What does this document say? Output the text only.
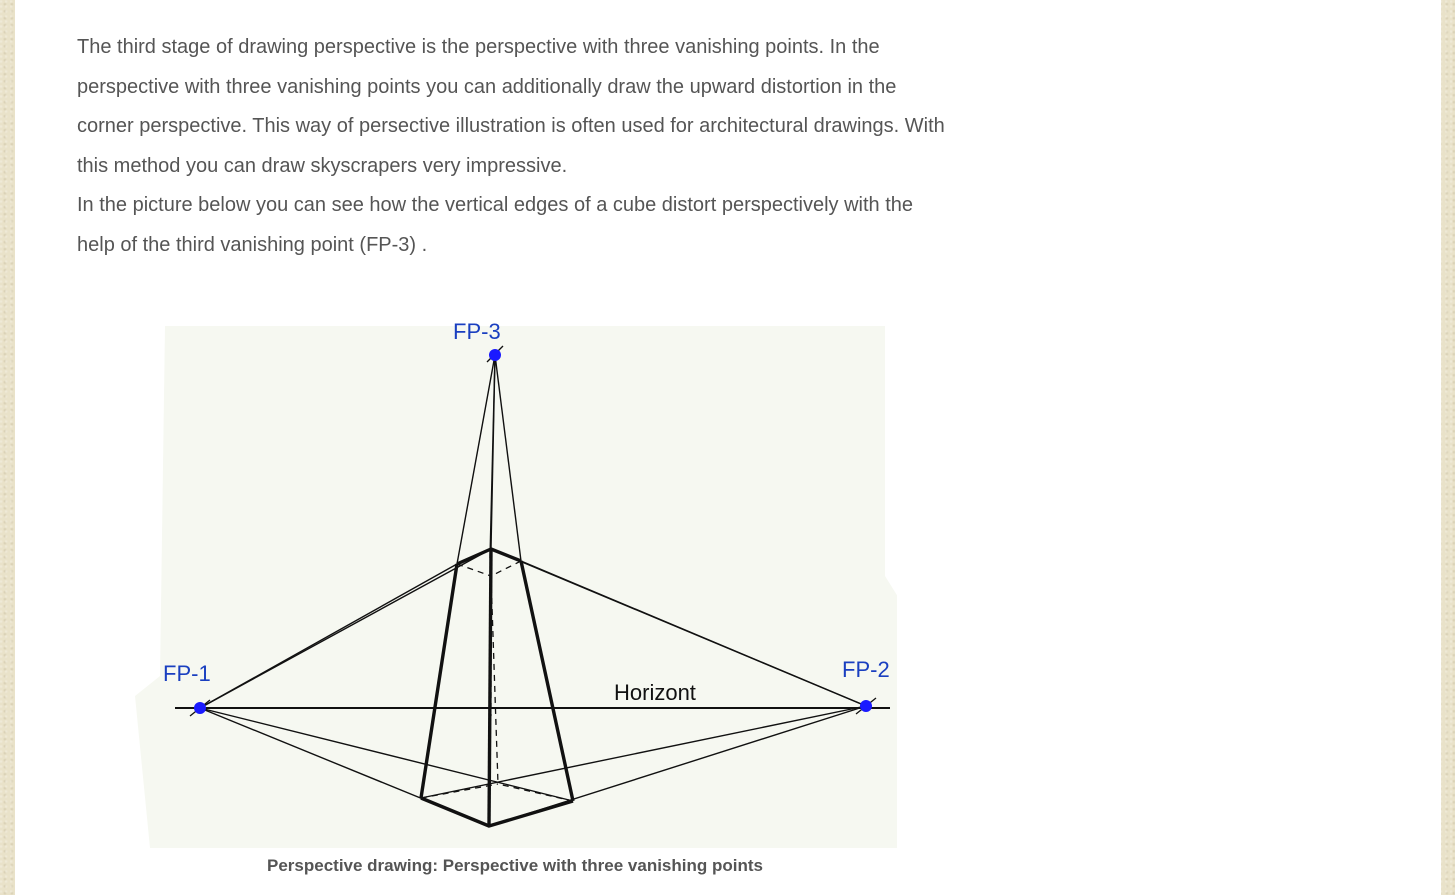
The third stage of drawing perspective is the perspective with three vanishing points. In the perspective with three vanishing points you can additionally draw the upward distortion in the corner perspective. This way of persective illustration is often used for architectural drawings. With this method you can draw skyscrapers very impressive.
In the picture below you can see how the vertical edges of a cube distort perspectively with the help of the third vanishing point (FP-3) .

FP-3
FP-1	FP-2
Horizont

Perspective drawing: Perspective with three vanishing points
